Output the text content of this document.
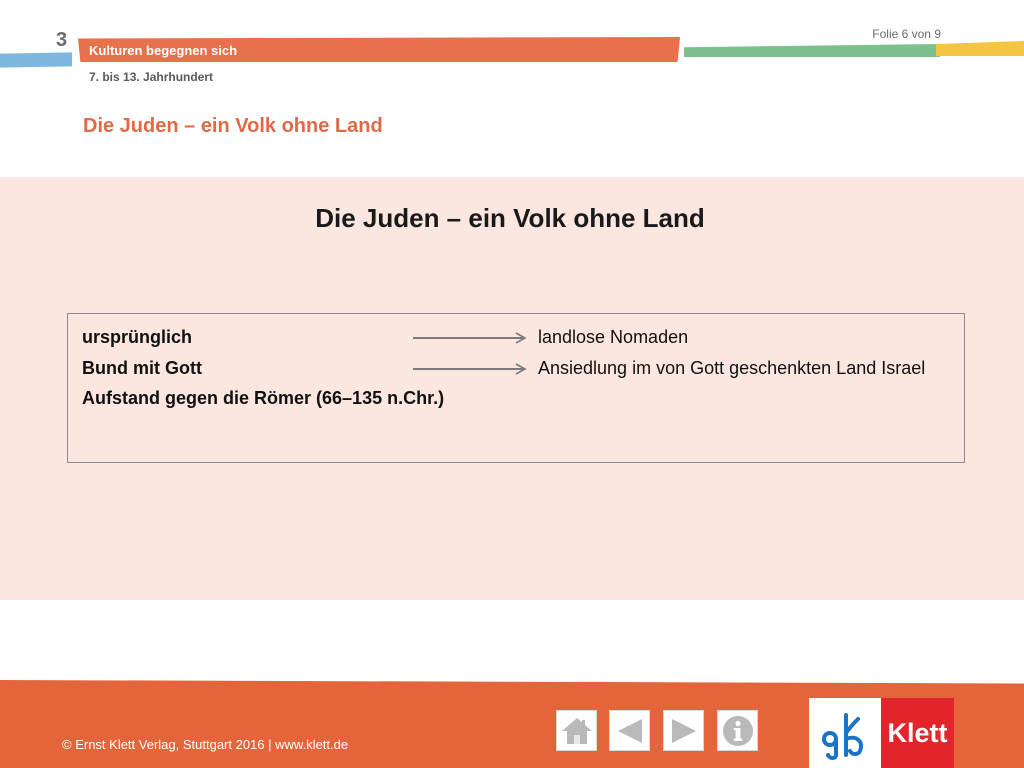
3 Kulturen begegnen sich
Folie 6 von 9
7. bis 13. Jahrhundert
Die Juden – ein Volk ohne Land
Die Juden – ein Volk ohne Land
ursprünglich	landlose Nomaden
Bund mit Gott	Ansiedlung im von Gott geschenkten Land Israel
Aufstand gegen die Römer (66–135 n.Chr.)
© Ernst Klett Verlag, Stuttgart 2016 | www.klett.de	Klett
